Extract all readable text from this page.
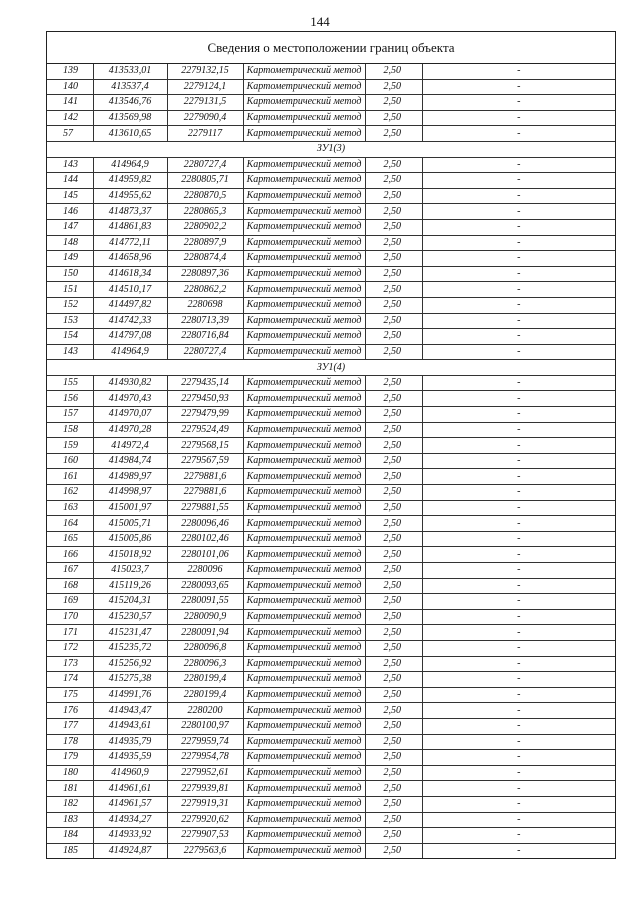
144
Сведения о местоположении границ объекта
139	413533,01	2279132,15	Картометрический метод	2,50	-
140	413537,4	2279124,1	Картометрический метод	2,50	-
141	413546,76	2279131,5	Картометрический метод	2,50	-
142	413569,98	2279090,4	Картометрический метод	2,50	-
57	413610,65	2279117	Картометрический метод	2,50	-
ЗУ1(3)					
143	414964,9	2280727,4	Картометрический метод	2,50	-
144	414959,82	2280805,71	Картометрический метод	2,50	-
145	414955,62	2280870,5	Картометрический метод	2,50	-
146	414873,37	2280865,3	Картометрический метод	2,50	-
147	414861,83	2280902,2	Картометрический метод	2,50	-
148	414772,11	2280897,9	Картометрический метод	2,50	-
149	414658,96	2280874,4	Картометрический метод	2,50	-
150	414618,34	2280897,36	Картометрический метод	2,50	-
151	414510,17	2280862,2	Картометрический метод	2,50	-
152	414497,82	2280698	Картометрический метод	2,50	-
153	414742,33	2280713,39	Картометрический метод	2,50	-
154	414797,08	2280716,84	Картометрический метод	2,50	-
143	414964,9	2280727,4	Картометрический метод	2,50	-
ЗУ1(4)					
155	414930,82	2279435,14	Картометрический метод	2,50	-
156	414970,43	2279450,93	Картометрический метод	2,50	-
157	414970,07	2279479,99	Картометрический метод	2,50	-
158	414970,28	2279524,49	Картометрический метод	2,50	-
159	414972,4	2279568,15	Картометрический метод	2,50	-
160	414984,74	2279567,59	Картометрический метод	2,50	-
161	414989,97	2279881,6	Картометрический метод	2,50	-
162	414998,97	2279881,6	Картометрический метод	2,50	-
163	415001,97	2279881,55	Картометрический метод	2,50	-
164	415005,71	2280096,46	Картометрический метод	2,50	-
165	415005,86	2280102,46	Картометрический метод	2,50	-
166	415018,92	2280101,06	Картометрический метод	2,50	-
167	415023,7	2280096	Картометрический метод	2,50	-
168	415119,26	2280093,65	Картометрический метод	2,50	-
169	415204,31	2280091,55	Картометрический метод	2,50	-
170	415230,57	2280090,9	Картометрический метод	2,50	-
171	415231,47	2280091,94	Картометрический метод	2,50	-
172	415235,72	2280096,8	Картометрический метод	2,50	-
173	415256,92	2280096,3	Картометрический метод	2,50	-
174	415275,38	2280199,4	Картометрический метод	2,50	-
175	414991,76	2280199,4	Картометрический метод	2,50	-
176	414943,47	2280200	Картометрический метод	2,50	-
177	414943,61	2280100,97	Картометрический метод	2,50	-
178	414935,79	2279959,74	Картометрический метод	2,50	-
179	414935,59	2279954,78	Картометрический метод	2,50	-
180	414960,9	2279952,61	Картометрический метод	2,50	-
181	414961,61	2279939,81	Картометрический метод	2,50	-
182	414961,57	2279919,31	Картометрический метод	2,50	-
183	414934,27	2279920,62	Картометрический метод	2,50	-
184	414933,92	2279907,53	Картометрический метод	2,50	-
185	414924,87	2279563,6	Картометрический метод	2,50	-
